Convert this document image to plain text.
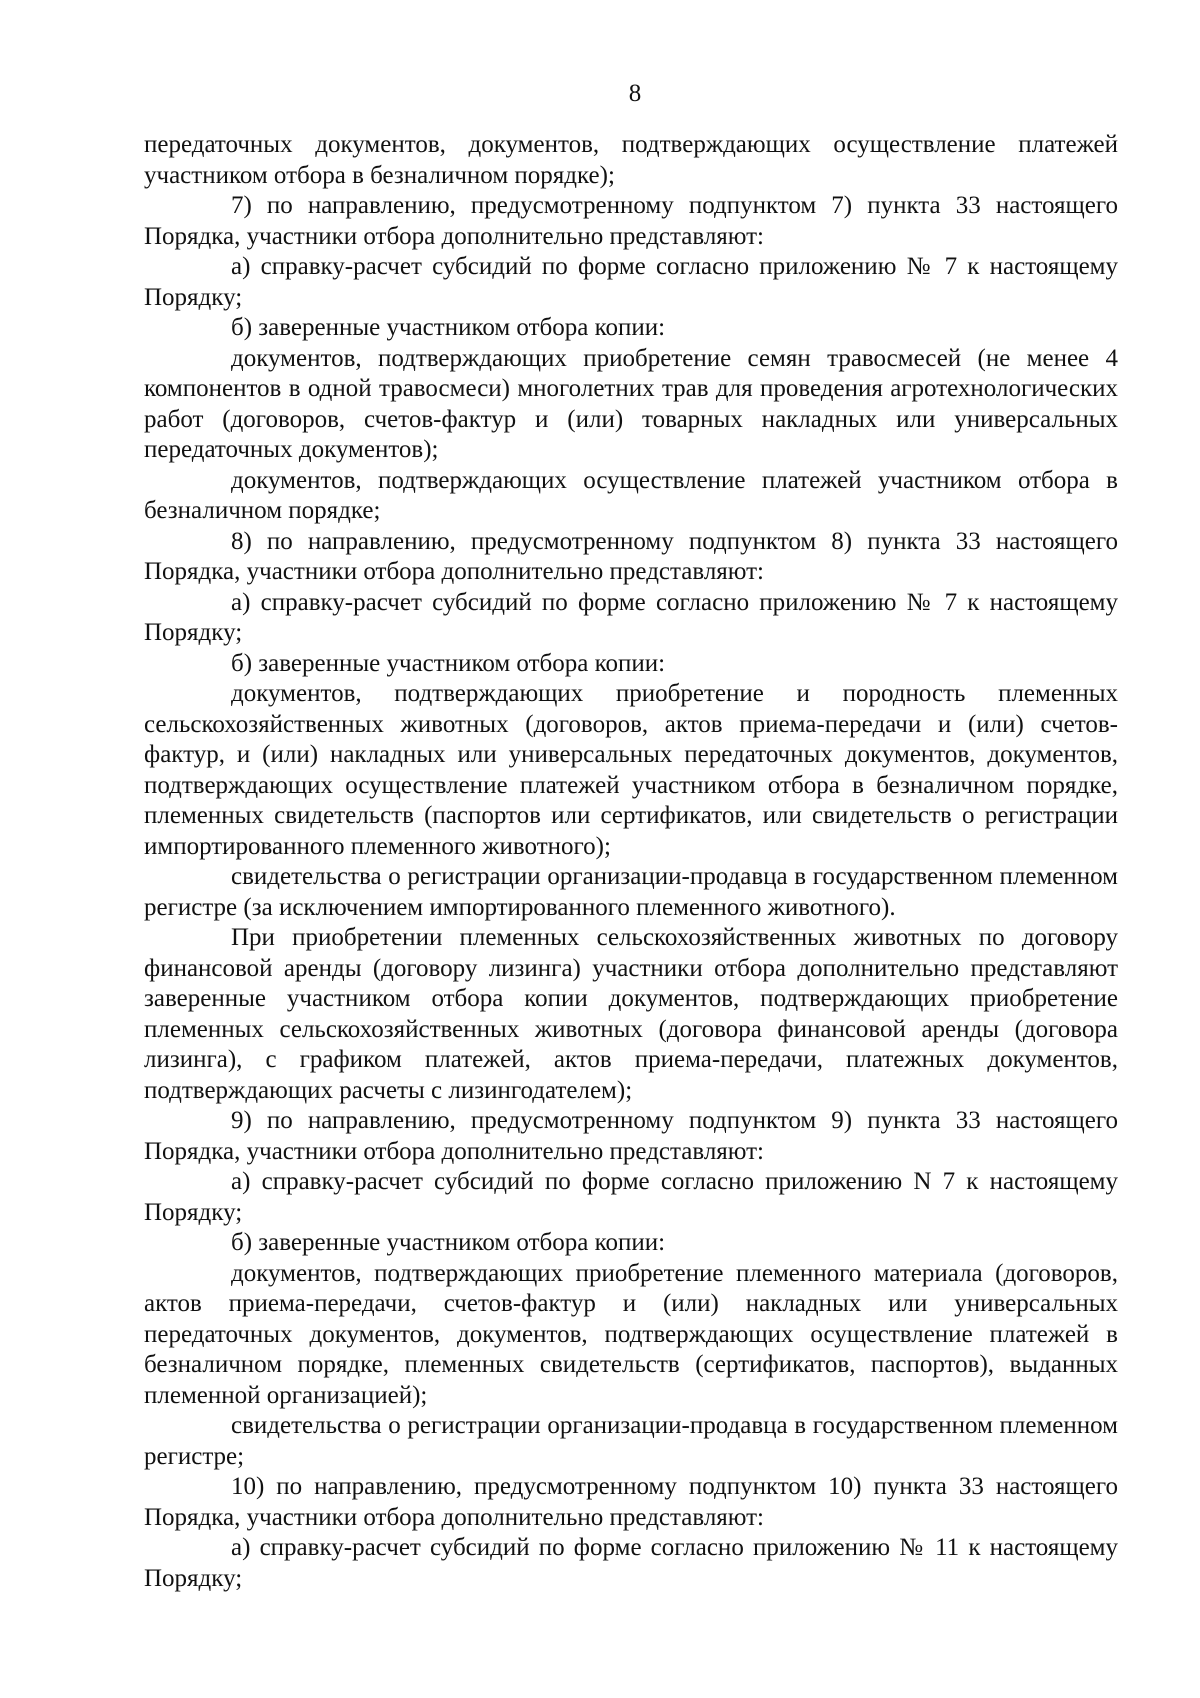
8

передаточных документов, документов, подтверждающих осуществление платежей участником отбора в безналичном порядке);

7) по направлению, предусмотренному подпунктом 7) пункта 33 настоящего Порядка, участники отбора дополнительно представляют:

а) справку-расчет субсидий по форме согласно приложению № 7 к настоящему Порядку;

б) заверенные участником отбора копии:

документов, подтверждающих приобретение семян травосмесей (не менее 4 компонентов в одной травосмеси) многолетних трав для проведения агротехнологических работ (договоров, счетов-фактур и (или) товарных накладных или универсальных передаточных документов);

документов, подтверждающих осуществление платежей участником отбора в безналичном порядке;

8) по направлению, предусмотренному подпунктом 8) пункта 33 настоящего Порядка, участники отбора дополнительно представляют:

а) справку-расчет субсидий по форме согласно приложению № 7 к настоящему Порядку;

б) заверенные участником отбора копии:

документов, подтверждающих приобретение и породность племенных сельскохозяйственных животных (договоров, актов приема-передачи и (или) счетов-фактур, и (или) накладных или универсальных передаточных документов, документов, подтверждающих осуществление платежей участником отбора в безналичном порядке, племенных свидетельств (паспортов или сертификатов, или свидетельств о регистрации импортированного племенного животного);

свидетельства о регистрации организации-продавца в государственном племенном регистре (за исключением импортированного племенного животного).

При приобретении племенных сельскохозяйственных животных по договору финансовой аренды (договору лизинга) участники отбора дополнительно представляют заверенные участником отбора копии документов, подтверждающих приобретение племенных сельскохозяйственных животных (договора финансовой аренды (договора лизинга), с графиком платежей, актов приема-передачи, платежных документов, подтверждающих расчеты с лизингодателем);

9) по направлению, предусмотренному подпунктом 9) пункта 33 настоящего Порядка, участники отбора дополнительно представляют:

а) справку-расчет субсидий по форме согласно приложению N 7 к настоящему Порядку;

б) заверенные участником отбора копии:

документов, подтверждающих приобретение племенного материала (договоров, актов приема-передачи, счетов-фактур и (или) накладных или универсальных передаточных документов, документов, подтверждающих осуществление платежей в безналичном порядке, племенных свидетельств (сертификатов, паспортов), выданных племенной организацией);

свидетельства о регистрации организации-продавца в государственном племенном регистре;

10) по направлению, предусмотренному подпунктом 10) пункта 33 настоящего Порядка, участники отбора дополнительно представляют:

а) справку-расчет субсидий по форме согласно приложению № 11 к настоящему Порядку;
